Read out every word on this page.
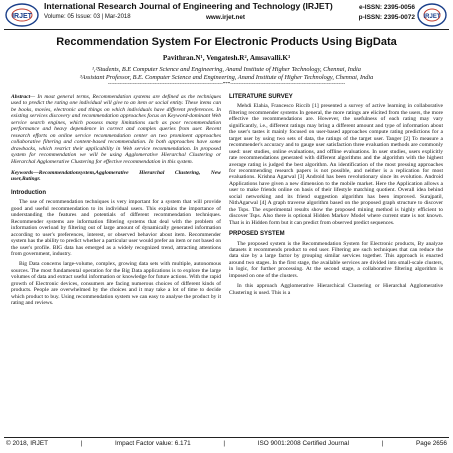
IRJET
International Research Journal of Engineering and Technology (IRJET)
Volume: 05 Issue: 03 | Mar-2018	www.irjet.net
e-ISSN: 2395-0056
p-ISSN: 2395-0072 IRJET
Recommendation System For Electronic Products Using BigData
Pavithran.N¹, Vengatesh.R², Amsavalli.K³
¹,²Students, B.E Computer Science and Engineering, Anand Institute of Higher Technology, Chennai, India
³Assistant Professor, B.E. Computer Science and Engineering, Anand Institute of Higher Technology, Chennai, India
---------------------------------------------------------------------***---------------------------------------------------------------------

Abstract— In most general terms, Recommendation systems are defined as the techniques used to predict the rating one individual will give to an item or social entity. These items can be books, movies, electronic and things on which individuals have different preferences. In existing services discovery and recommendation approaches focus on Keyword-dominant Web service search engines, which possess many limitations such as poor recommendation performance and heavy dependence in correct and complex queries from user. Recent research efforts on online service recommendation center on two prominent approaches collaborative filtering and content-based recommendation. In both approaches have some drawbacks, which restrict their applicability in Web service recommendation. In proposed system for recommendation we will be using Agglomerative Hierarchal Clustering or Hierarchal Agglomerative Clustering for effective recommendation in this system.

Keywords—Recommendationsystem,Agglomerative Hierarchal Clustering, New user,Ratingr.

Introduction

The use of recommendation techniques is very important for a system that will provide good and useful recommendation to its individual users. This explains the importance of understanding the features and potentials of different recommendation techniques. Recommender systems are information filtering systems that deal with the problem of information overload by filtering out of large amount of dynamically generated information according to user's preferences, interest, or observed behavior about item. Recommender system has the ability to predict whether a particular user would prefer an item or not based on the user's profile. BIG data has emerged as a widely recognized trend, attracting attentions from government, industry.

Big Data concerns large-volume, complex, growing data sets with multiple, autonomous sources. The most fundamental operation for the Big Data applications is to explore the large volumes of data and extract useful information or knowledge for future actions. With the rapid growth of Electronic devices, consumers are facing numerous choices of different kinds of products. People are overwhelmed by the choices and it may take a lot of time to decide which product to buy. Using recommendation system we can easy to analyse the product by it rating and reviews.

LITERATURE SURVEY

Mehdi Elahia, Francesco Riccib [1] presented a survey of active learning in collaborative filtering recommender systems In general, the more ratings are elicited from the users, the more effective the recommendations are. However, the usefulness of each rating may vary significantly, i.e., different ratings may bring a different amount and type of information about the user's tastes it mainly focused on user-based approaches compute rating predictions for a target user by using two sets of data, the ratings of the target user. Tanger [2] To measure a recommender's accuracy and to gauge user satisfaction three evaluation methods are commonly used: user studies, online evaluations, and offline evaluations. In user studies, users explicitly rate recommendations generated with different algorithms and the algorithm with the highest average rating is judged the best algorithm. An identification of the most pressing approaches for recommending research papers is not possible, and neither is a replication for most evaluations. Krishna Agarwal [3] Android has been revolutionary since its evolution. Android Applications have given a new dimension to the mobile market. Here the Application allows a user to make friends online on basis of their lifestyle matching quotient. Overall idea behind social networking and its friend suggestion algorithm has been improved. Surajpatil, NithAgarwal [4] A graph traverse algorithm based on the proposed graph structure to discover the Tsps. The experimental results show the proposed mining method is highly efficient to discover Tsps. Also there is optional Hidden Markov Model where current state is not known. That is in Hidden form but it can predict from observed predict sequences.

PRPOSED SYSTEM

The proposed system is the Recommendation System for Electronic products, By analyze datasets it recommends product to end user. Filtering are such techniques that can reduce the data size by a large factor by grouping similar services together. This approach is enacted around two stages. In the first stage, the available services are divided into small-scale clusters, in logic, for further processing. At the second stage, a collaborative filtering algorithm is imposed on one of the clusters.

In this approach Agglomerative Hierarchical Clustering or Hierarchal Agglomerative Clustering is used. This is a

© 2018, IRJET	|	Impact Factor value: 6.171	|	ISO 9001:2008 Certified Journal	|	Page 2656
